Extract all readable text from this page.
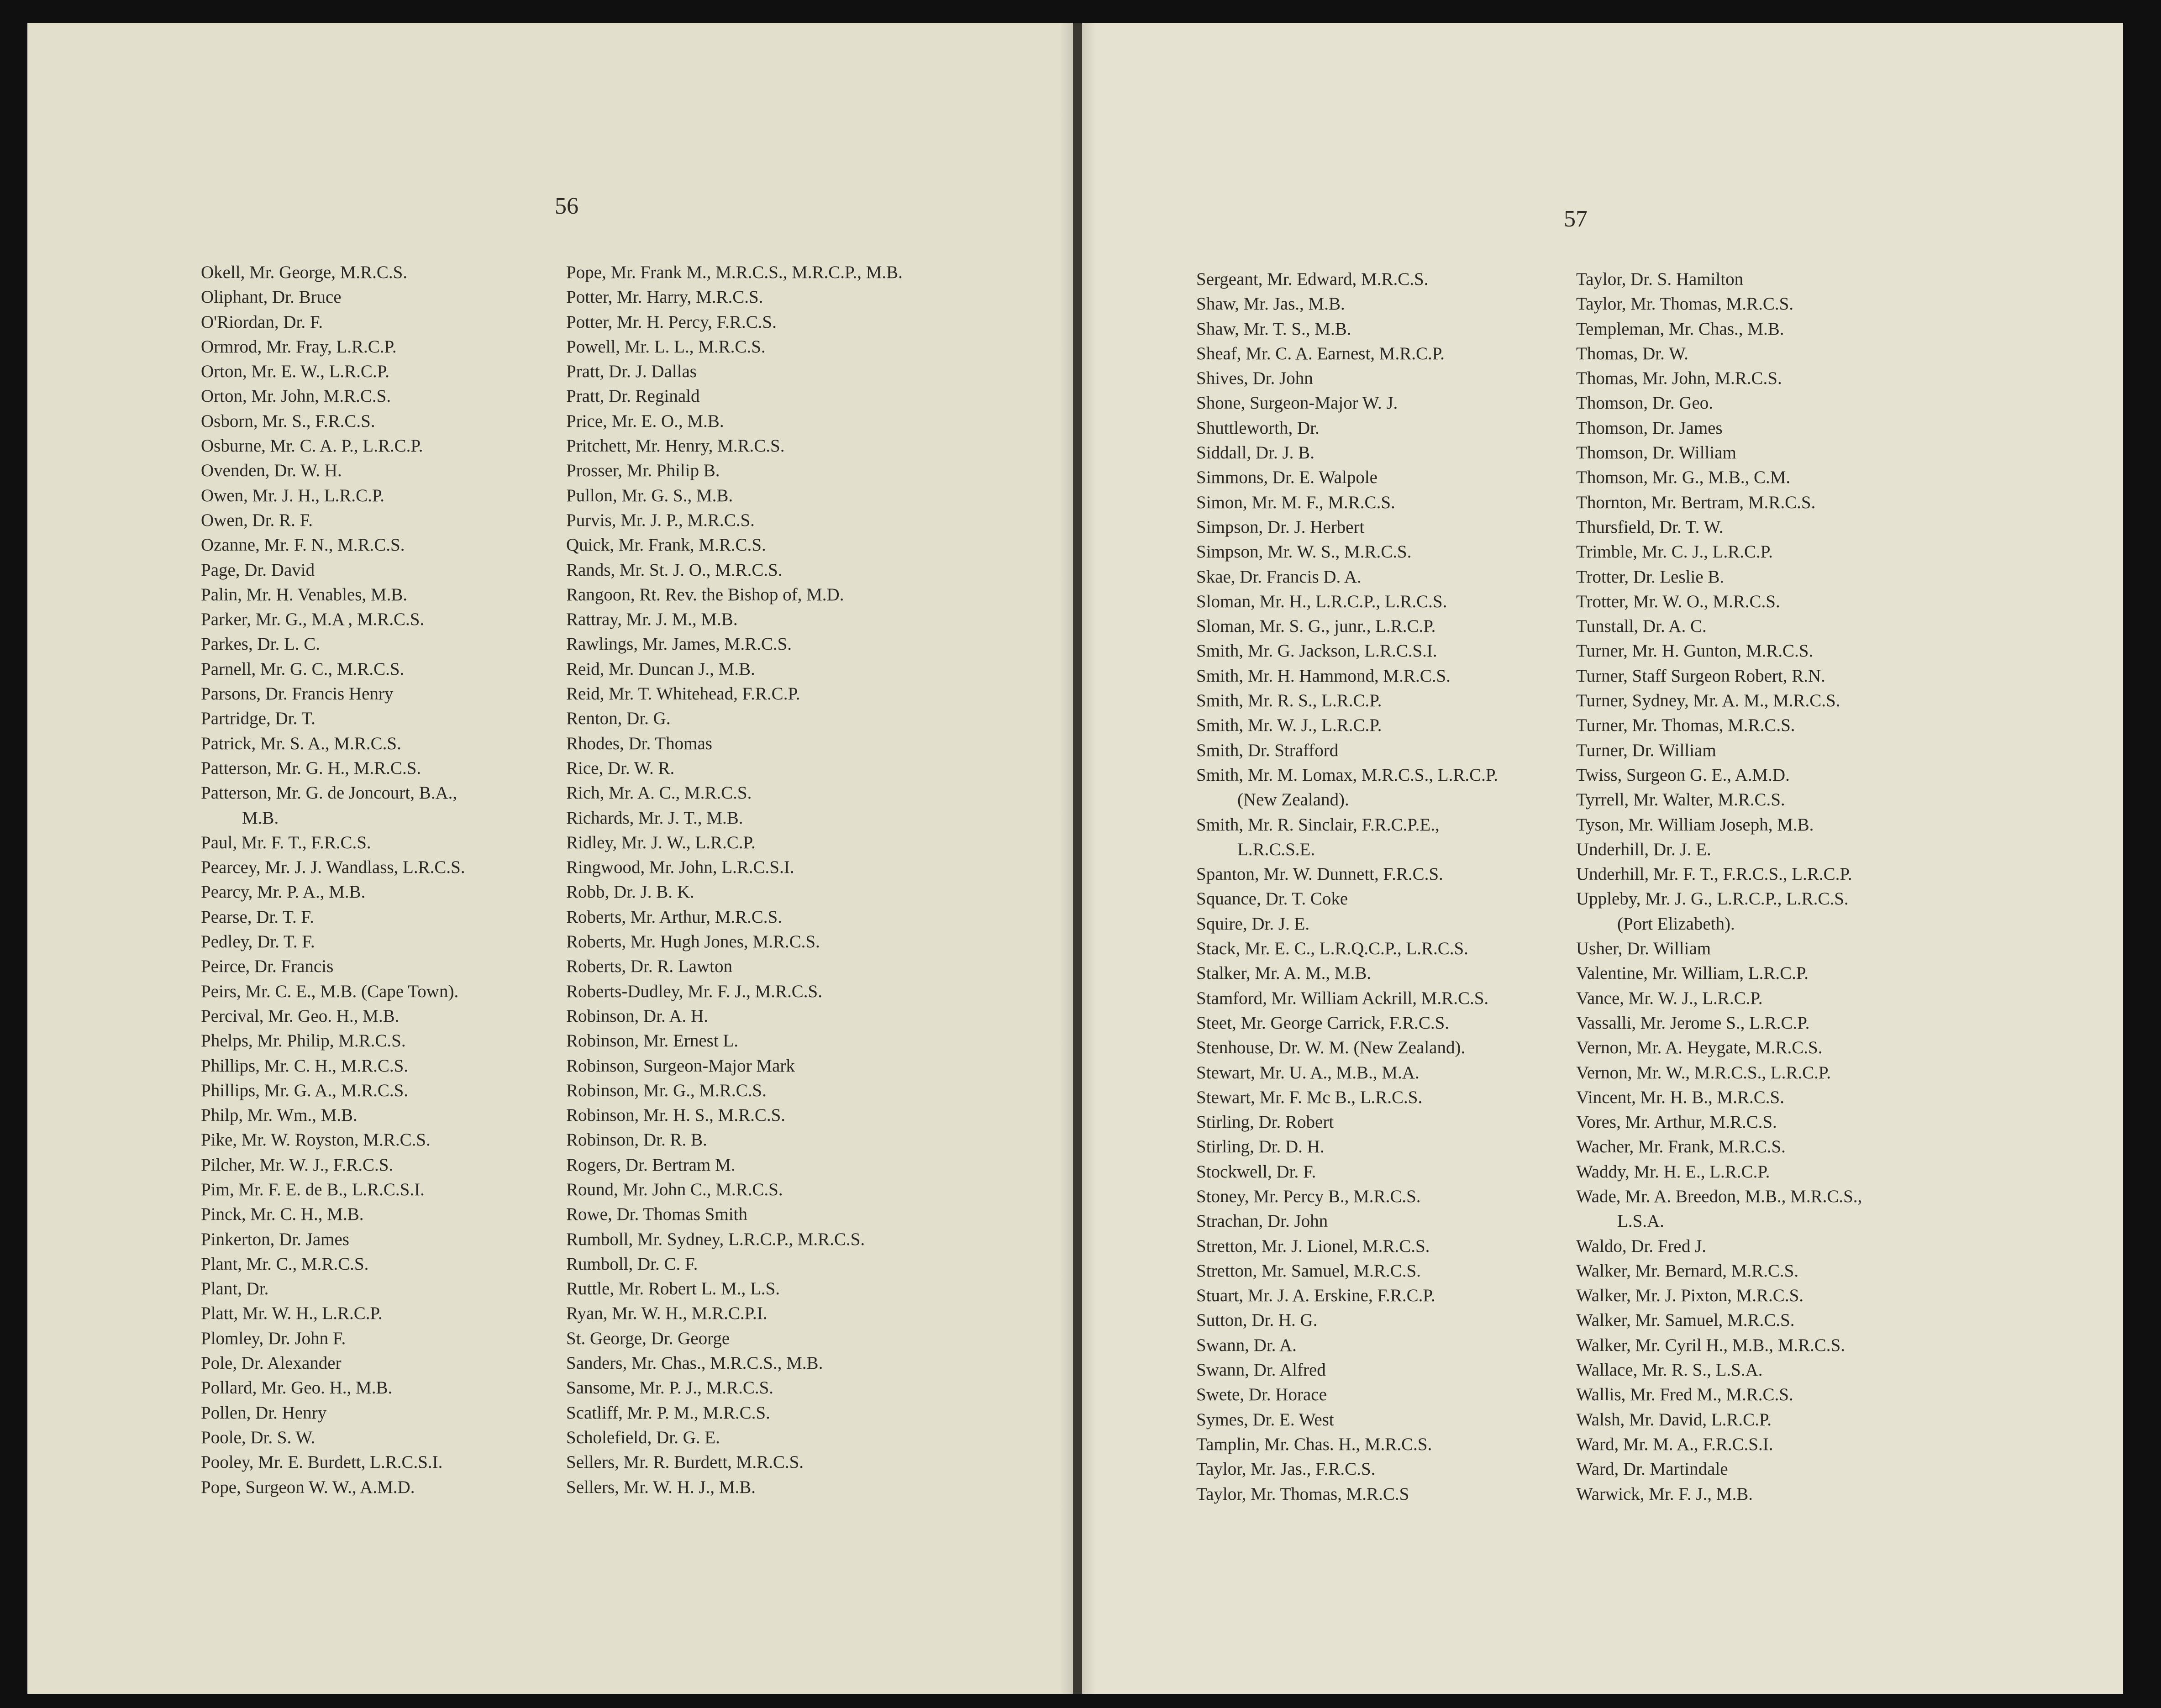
56

Okell, Mr. George, M.R.C.S.
Oliphant, Dr. Bruce
O'Riordan, Dr. F.
Ormrod, Mr. Fray, L.R.C.P.
Orton, Mr. E. W., L.R.C.P.
Orton, Mr. John, M.R.C.S.
Osborn, Mr. S., F.R.C.S.
Osburne, Mr. C. A. P., L.R.C.P.
Ovenden, Dr. W. H.
Owen, Mr. J. H., L.R.C.P.
Owen, Dr. R. F.
Ozanne, Mr. F. N., M.R.C.S.
Page, Dr. David
Palin, Mr. H. Venables, M.B.
Parker, Mr. G., M.A , M.R.C.S.
Parkes, Dr. L. C.
Parnell, Mr. G. C., M.R.C.S.
Parsons, Dr. Francis Henry
Partridge, Dr. T.
Patrick, Mr. S. A., M.R.C.S.
Patterson, Mr. G. H., M.R.C.S.
Patterson, Mr. G. de Joncourt, B.A.,
M.B.
Paul, Mr. F. T., F.R.C.S.
Pearcey, Mr. J. J. Wandlass, L.R.C.S.
Pearcy, Mr. P. A., M.B.
Pearse, Dr. T. F.
Pedley, Dr. T. F.
Peirce, Dr. Francis
Peirs, Mr. C. E., M.B. (Cape Town).
Percival, Mr. Geo. H., M.B.
Phelps, Mr. Philip, M.R.C.S.
Phillips, Mr. C. H., M.R.C.S.
Phillips, Mr. G. A., M.R.C.S.
Philp, Mr. Wm., M.B.
Pike, Mr. W. Royston, M.R.C.S.
Pilcher, Mr. W. J., F.R.C.S.
Pim, Mr. F. E. de B., L.R.C.S.I.
Pinck, Mr. C. H., M.B.
Pinkerton, Dr. James
Plant, Mr. C., M.R.C.S.
Plant, Dr.
Platt, Mr. W. H., L.R.C.P.
Plomley, Dr. John F.
Pole, Dr. Alexander
Pollard, Mr. Geo. H., M.B.
Pollen, Dr. Henry
Poole, Dr. S. W.
Pooley, Mr. E. Burdett, L.R.C.S.I.
Pope, Surgeon W. W., A.M.D.
Pope, Mr. Frank M., M.R.C.S., M.R.C.P., M.B.
Potter, Mr. Harry, M.R.C.S.
Potter, Mr. H. Percy, F.R.C.S.
Powell, Mr. L. L., M.R.C.S.
Pratt, Dr. J. Dallas
Pratt, Dr. Reginald
Price, Mr. E. O., M.B.
Pritchett, Mr. Henry, M.R.C.S.
Prosser, Mr. Philip B.
Pullon, Mr. G. S., M.B.
Purvis, Mr. J. P., M.R.C.S.
Quick, Mr. Frank, M.R.C.S.
Rands, Mr. St. J. O., M.R.C.S.
Rangoon, Rt. Rev. the Bishop of, M.D.
Rattray, Mr. J. M., M.B.
Rawlings, Mr. James, M.R.C.S.
Reid, Mr. Duncan J., M.B.
Reid, Mr. T. Whitehead, F.R.C.P.
Renton, Dr. G.
Rhodes, Dr. Thomas
Rice, Dr. W. R.
Rich, Mr. A. C., M.R.C.S.
Richards, Mr. J. T., M.B.
Ridley, Mr. J. W., L.R.C.P.
Ringwood, Mr. John, L.R.C.S.I.
Robb, Dr. J. B. K.
Roberts, Mr. Arthur, M.R.C.S.
Roberts, Mr. Hugh Jones, M.R.C.S.
Roberts, Dr. R. Lawton
Roberts-Dudley, Mr. F. J., M.R.C.S.
Robinson, Dr. A. H.
Robinson, Mr. Ernest L.
Robinson, Surgeon-Major Mark
Robinson, Mr. G., M.R.C.S.
Robinson, Mr. H. S., M.R.C.S.
Robinson, Dr. R. B.
Rogers, Dr. Bertram M.
Round, Mr. John C., M.R.C.S.
Rowe, Dr. Thomas Smith
Rumboll, Mr. Sydney, L.R.C.P., M.R.C.S.
Rumboll, Dr. C. F.
Ruttle, Mr. Robert L. M., L.S.
Ryan, Mr. W. H., M.R.C.P.I.
St. George, Dr. George
Sanders, Mr. Chas., M.R.C.S., M.B.
Sansome, Mr. P. J., M.R.C.S.
Scatliff, Mr. P. M., M.R.C.S.
Scholefield, Dr. G. E.
Sellers, Mr. R. Burdett, M.R.C.S.
Sellers, Mr. W. H. J., M.B.

57

Sergeant, Mr. Edward, M.R.C.S.
Shaw, Mr. Jas., M.B.
Shaw, Mr. T. S., M.B.
Sheaf, Mr. C. A. Earnest, M.R.C.P.
Shives, Dr. John
Shone, Surgeon-Major W. J.
Shuttleworth, Dr.
Siddall, Dr. J. B.
Simmons, Dr. E. Walpole
Simon, Mr. M. F., M.R.C.S.
Simpson, Dr. J. Herbert
Simpson, Mr. W. S., M.R.C.S.
Skae, Dr. Francis D. A.
Sloman, Mr. H., L.R.C.P., L.R.C.S.
Sloman, Mr. S. G., junr., L.R.C.P.
Smith, Mr. G. Jackson, L.R.C.S.I.
Smith, Mr. H. Hammond, M.R.C.S.
Smith, Mr. R. S., L.R.C.P.
Smith, Mr. W. J., L.R.C.P.
Smith, Dr. Strafford
Smith, Mr. M. Lomax, M.R.C.S., L.R.C.P.
(New Zealand).
Smith, Mr. R. Sinclair, F.R.C.P.E.,
L.R.C.S.E.
Spanton, Mr. W. Dunnett, F.R.C.S.
Squance, Dr. T. Coke
Squire, Dr. J. E.
Stack, Mr. E. C., L.R.Q.C.P., L.R.C.S.
Stalker, Mr. A. M., M.B.
Stamford, Mr. William Ackrill, M.R.C.S.
Steet, Mr. George Carrick, F.R.C.S.
Stenhouse, Dr. W. M. (New Zealand).
Stewart, Mr. U. A., M.B., M.A.
Stewart, Mr. F. Mc B., L.R.C.S.
Stirling, Dr. Robert
Stirling, Dr. D. H.
Stockwell, Dr. F.
Stoney, Mr. Percy B., M.R.C.S.
Strachan, Dr. John
Stretton, Mr. J. Lionel, M.R.C.S.
Stretton, Mr. Samuel, M.R.C.S.
Stuart, Mr. J. A. Erskine, F.R.C.P.
Sutton, Dr. H. G.
Swann, Dr. A.
Swann, Dr. Alfred
Swete, Dr. Horace
Symes, Dr. E. West
Tamplin, Mr. Chas. H., M.R.C.S.
Taylor, Mr. Jas., F.R.C.S.
Taylor, Mr. Thomas, M.R.C.S
Taylor, Dr. S. Hamilton
Taylor, Mr. Thomas, M.R.C.S.
Templeman, Mr. Chas., M.B.
Thomas, Dr. W.
Thomas, Mr. John, M.R.C.S.
Thomson, Dr. Geo.
Thomson, Dr. James
Thomson, Dr. William
Thomson, Mr. G., M.B., C.M.
Thornton, Mr. Bertram, M.R.C.S.
Thursfield, Dr. T. W.
Trimble, Mr. C. J., L.R.C.P.
Trotter, Dr. Leslie B.
Trotter, Mr. W. O., M.R.C.S.
Tunstall, Dr. A. C.
Turner, Mr. H. Gunton, M.R.C.S.
Turner, Staff Surgeon Robert, R.N.
Turner, Sydney, Mr. A. M., M.R.C.S.
Turner, Mr. Thomas, M.R.C.S.
Turner, Dr. William
Twiss, Surgeon G. E., A.M.D.
Tyrrell, Mr. Walter, M.R.C.S.
Tyson, Mr. William Joseph, M.B.
Underhill, Dr. J. E.
Underhill, Mr. F. T., F.R.C.S., L.R.C.P.
Uppleby, Mr. J. G., L.R.C.P., L.R.C.S.
(Port Elizabeth).
Usher, Dr. William
Valentine, Mr. William, L.R.C.P.
Vance, Mr. W. J., L.R.C.P.
Vassalli, Mr. Jerome S., L.R.C.P.
Vernon, Mr. A. Heygate, M.R.C.S.
Vernon, Mr. W., M.R.C.S., L.R.C.P.
Vincent, Mr. H. B., M.R.C.S.
Vores, Mr. Arthur, M.R.C.S.
Wacher, Mr. Frank, M.R.C.S.
Waddy, Mr. H. E., L.R.C.P.
Wade, Mr. A. Breedon, M.B., M.R.C.S.,
L.S.A.
Waldo, Dr. Fred J.
Walker, Mr. Bernard, M.R.C.S.
Walker, Mr. J. Pixton, M.R.C.S.
Walker, Mr. Samuel, M.R.C.S.
Walker, Mr. Cyril H., M.B., M.R.C.S.
Wallace, Mr. R. S., L.S.A.
Wallis, Mr. Fred M., M.R.C.S.
Walsh, Mr. David, L.R.C.P.
Ward, Mr. M. A., F.R.C.S.I.
Ward, Dr. Martindale
Warwick, Mr. F. J., M.B.
